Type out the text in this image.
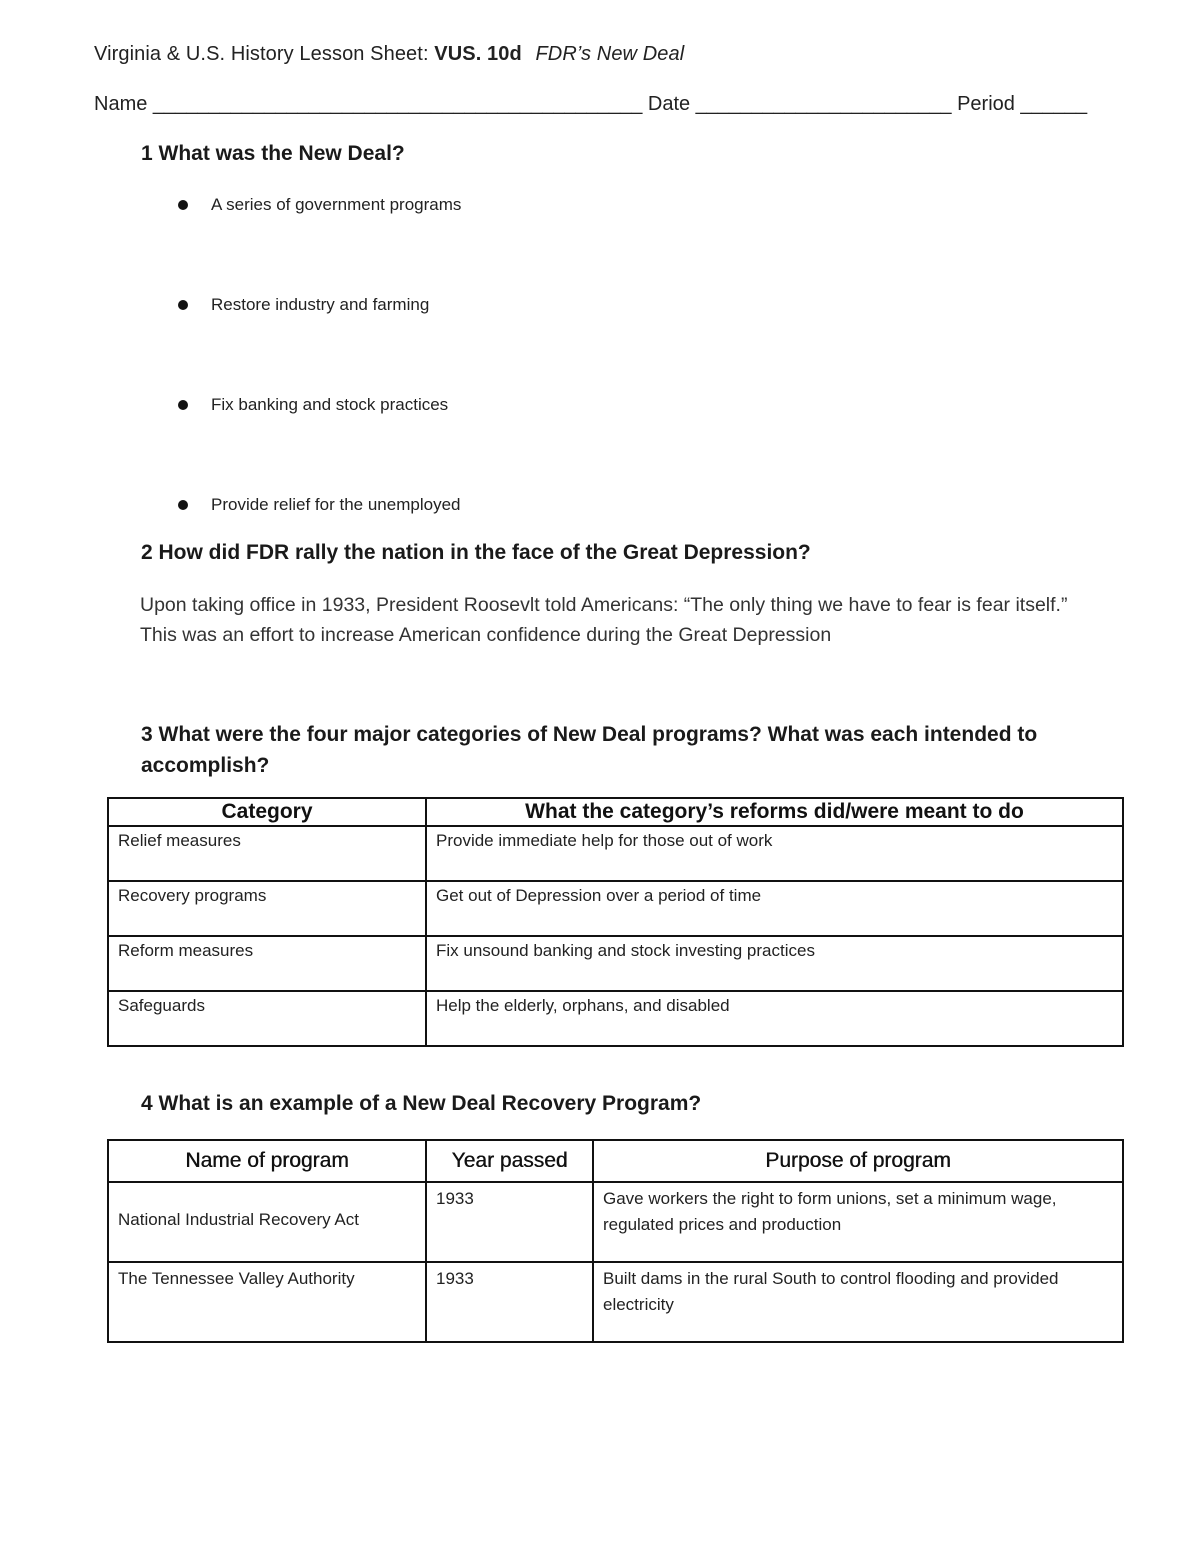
Virginia & U.S. History Lesson Sheet: VUS. 10d FDR’s New Deal
Name ____________________________________________ Date _______________________ Period ______
1 What was the New Deal?
A series of government programs
Restore industry and farming
Fix banking and stock practices
Provide relief for the unemployed
2 How did FDR rally the nation in the face of the Great Depression?
Upon taking office in 1933, President Roosevlt told Americans: “The only thing we have to fear is fear itself.” This was an effort to increase American confidence during the Great Depression
3 What were the four major categories of New Deal programs? What was each intended to accomplish?
Category	What the category’s reforms did/were meant to do
Relief measures	Provide immediate help for those out of work
Recovery programs	Get out of Depression over a period of time
Reform measures	Fix unsound banking and stock investing practices
Safeguards	Help the elderly, orphans, and disabled
4 What is an example of a New Deal Recovery Program?
Name of program	Year passed	Purpose of program
National Industrial Recovery Act	1933	Gave workers the right to form unions, set a minimum wage, regulated prices and production
The Tennessee Valley Authority	1933	Built dams in the rural South to control flooding and provided electricity
